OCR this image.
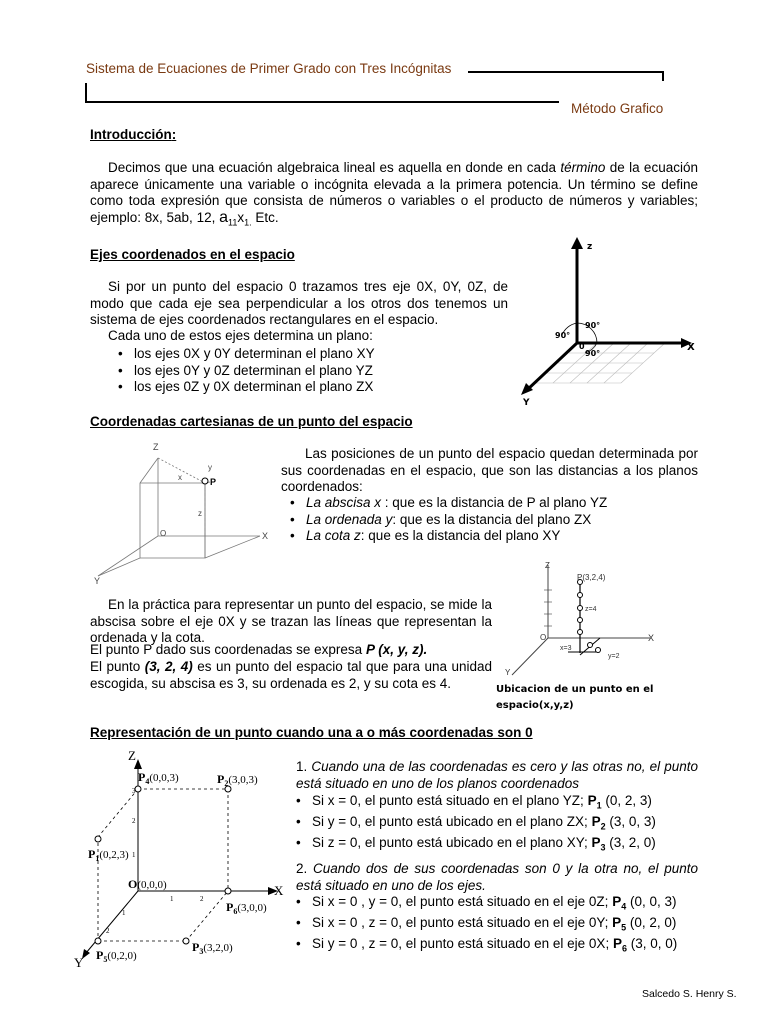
Sistema de Ecuaciones de Primer Grado con Tres Incógnitas
Método Grafico
Introducción:
Decimos que una ecuación algebraica lineal es aquella en donde en cada término de la ecuación aparece únicamente una variable o incógnita elevada a la primera potencia. Un término se define como toda expresión que consista de números o variables o el producto de números y variables; ejemplo: 8x, 5ab, 12, $a_{11}x_{1.}$ Etc.
Ejes coordenados en el espacio
Si por un punto del espacio 0 trazamos tres eje 0X, 0Y, 0Z, de modo que cada eje sea perpendicular a los otros dos tenemos un sistema de ejes coordenados rectangulares en el espacio.
Cada uno de estos ejes determina un plano:
• los ejes 0X y 0Y determinan el plano XY
• los ejes 0Y y 0Z determinan el plano YZ
• los ejes 0Z y 0X determinan el plano ZX
z
X
Y
0
90°
90°
90°
Coordenadas cartesianas de un punto del espacio
Las posiciones de un punto del espacio quedan determinada por sus coordenadas en el espacio, que son las distancias a los planos coordenados:
• La abscisa x : que es la distancia de P al plano YZ
• La ordenada y: que es la distancia del plano ZX
• La cota z: que es la distancia del plano XY
Z
X
Y
P
O
x
y
z
En la práctica para representar un punto del espacio, se mide la abscisa sobre el eje 0X y se trazan las líneas que representan la ordenada y la cota.
El punto P dado sus coordenadas se expresa P (x, y, z).
El punto (3, 2, 4) es un punto del espacio tal que para una unidad escogida, su abscisa es 3, su ordenada es 2, y su cota es 4.
Z
X
Y
O
P(3,2,4)
z=4
x=3
y=2
Ubicacion de un punto en el
espacio(x,y,z)
Representación de un punto cuando una a o más coordenadas son 0
1. Cuando una de las coordenadas es cero y las otras no, el punto está situado en uno de los planos coordenados
• Si x = 0, el punto está situado en el plano YZ; $P_1$ (0, 2, 3)
• Si y = 0, el punto está ubicado en el plano ZX; $P_2$ (3, 0, 3)
• Si z = 0, el punto está ubicado en el plano XY; $P_3$ (3, 2, 0)
2. Cuando dos de sus coordenadas son 0 y la otra no, el punto está situado en uno de los ejes.
• Si x = 0 , y = 0, el punto está situado en el eje 0Z; $P_4$ (0, 0, 3)
• Si x = 0 , z = 0, el punto está situado en el eje 0Y; $P_5$ (0, 2, 0)
• Si y = 0 , z = 0, el punto está situado en el eje 0X; $P_6$ (3, 0, 0)
Z
X
Y
$P_4(0,0,3)$	$P_2(3,0,3)$
$P_1(0,2,3)$
O(0,0,0)
$P_6(3,0,0)$
$P_5(0,2,0)$
$P_3(3,2,0)$
3
2
1
1	2
1
2
Salcedo S. Henry S.
